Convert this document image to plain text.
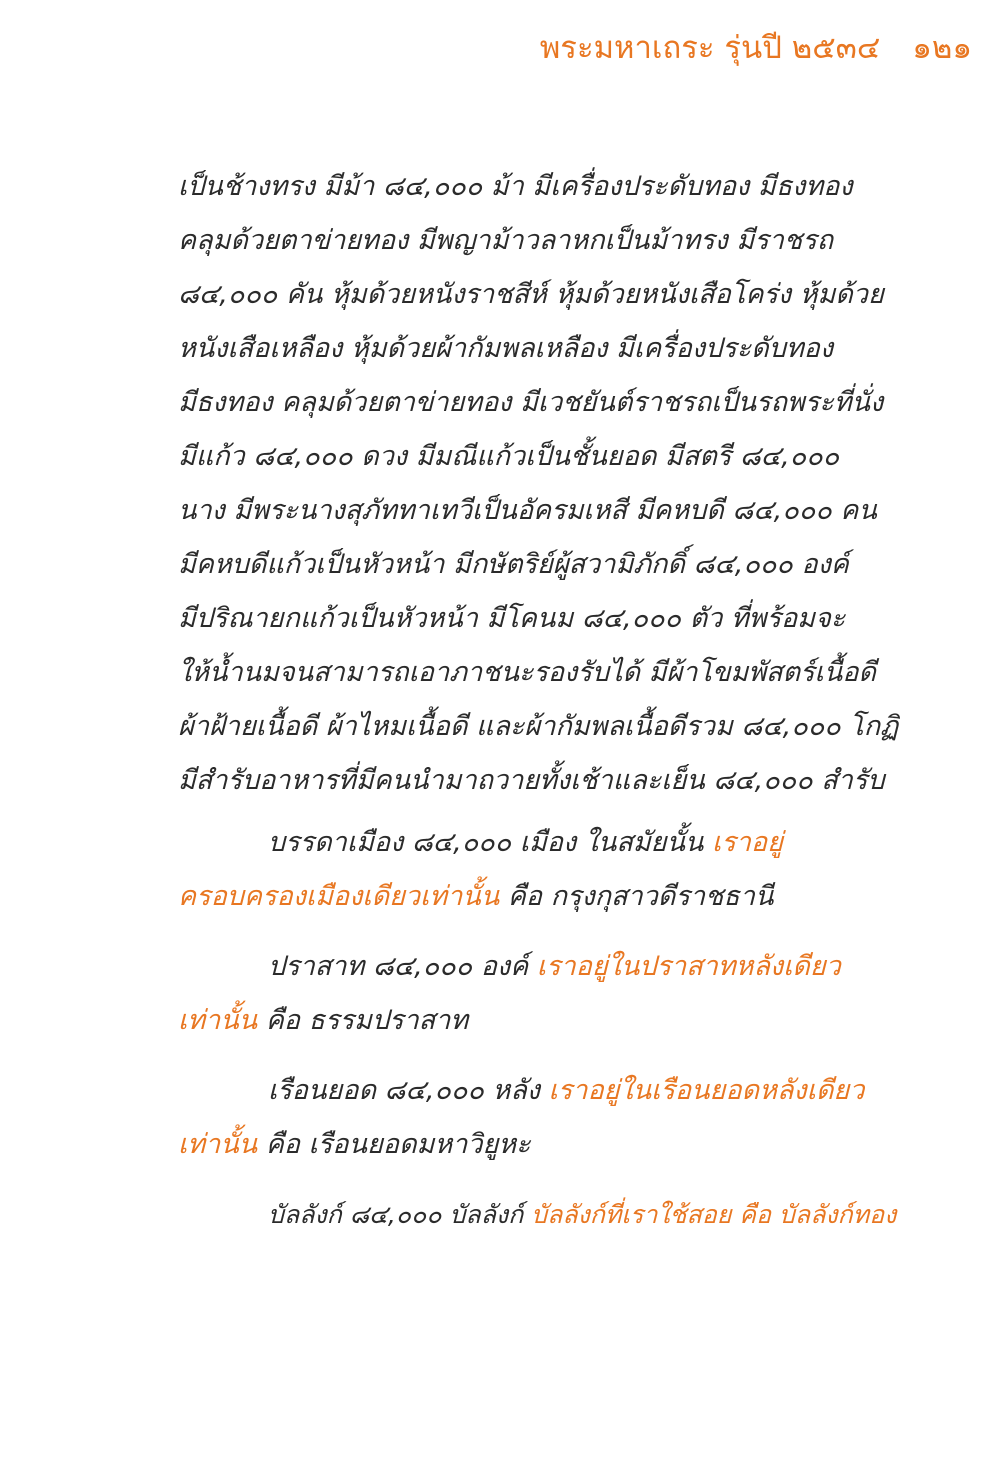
พระมหาเถระ รุ่นปี ๒๕๓๔ ๑๒๑
เป็นช้างทรง มีม้า ๘๔,๐๐๐ ม้า มีเครื่องประดับทอง มีธงทอง
คลุมด้วยตาข่ายทอง มีพญาม้าวลาหกเป็นม้าทรง มีราชรถ
๘๔,๐๐๐ คัน หุ้มด้วยหนังราชสีห์ หุ้มด้วยหนังเสือโคร่ง หุ้มด้วย
หนังเสือเหลือง หุ้มด้วยผ้ากัมพลเหลือง มีเครื่องประดับทอง
มีธงทอง คลุมด้วยตาข่ายทอง มีเวชยันต์ราชรถเป็นรถพระที่นั่ง
มีแก้ว ๘๔,๐๐๐ ดวง มีมณีแก้วเป็นชั้นยอด มีสตรี ๘๔,๐๐๐
นาง มีพระนางสุภัททาเทวีเป็นอัครมเหสี มีคหบดี ๘๔,๐๐๐ คน
มีคหบดีแก้วเป็นหัวหน้า มีกษัตริย์ผู้สวามิภักดิ์ ๘๔,๐๐๐ องค์
มีปริณายกแก้วเป็นหัวหน้า มีโคนม ๘๔,๐๐๐ ตัว ที่พร้อมจะ
ให้น้ำนมจนสามารถเอาภาชนะรองรับได้ มีผ้าโขมพัสตร์เนื้อดี
ผ้าฝ้ายเนื้อดี ผ้าไหมเนื้อดี และผ้ากัมพลเนื้อดีรวม ๘๔,๐๐๐ โกฏิ
มีสำรับอาหารที่มีคนนำมาถวายทั้งเช้าและเย็น ๘๔,๐๐๐ สำรับ
บรรดาเมือง ๘๔,๐๐๐ เมือง ในสมัยนั้น เราอยู่
ครอบครองเมืองเดียวเท่านั้น คือ กรุงกุสาวดีราชธานี
ปราสาท ๘๔,๐๐๐ องค์ เราอยู่ในปราสาทหลังเดียว
เท่านั้น คือ ธรรมปราสาท
เรือนยอด ๘๔,๐๐๐ หลัง เราอยู่ในเรือนยอดหลังเดียว
เท่านั้น คือ เรือนยอดมหาวิยูหะ
บัลลังก์ ๘๔,๐๐๐ บัลลังก์ บัลลังก์ที่เราใช้สอย คือ บัลลังก์ทอง
